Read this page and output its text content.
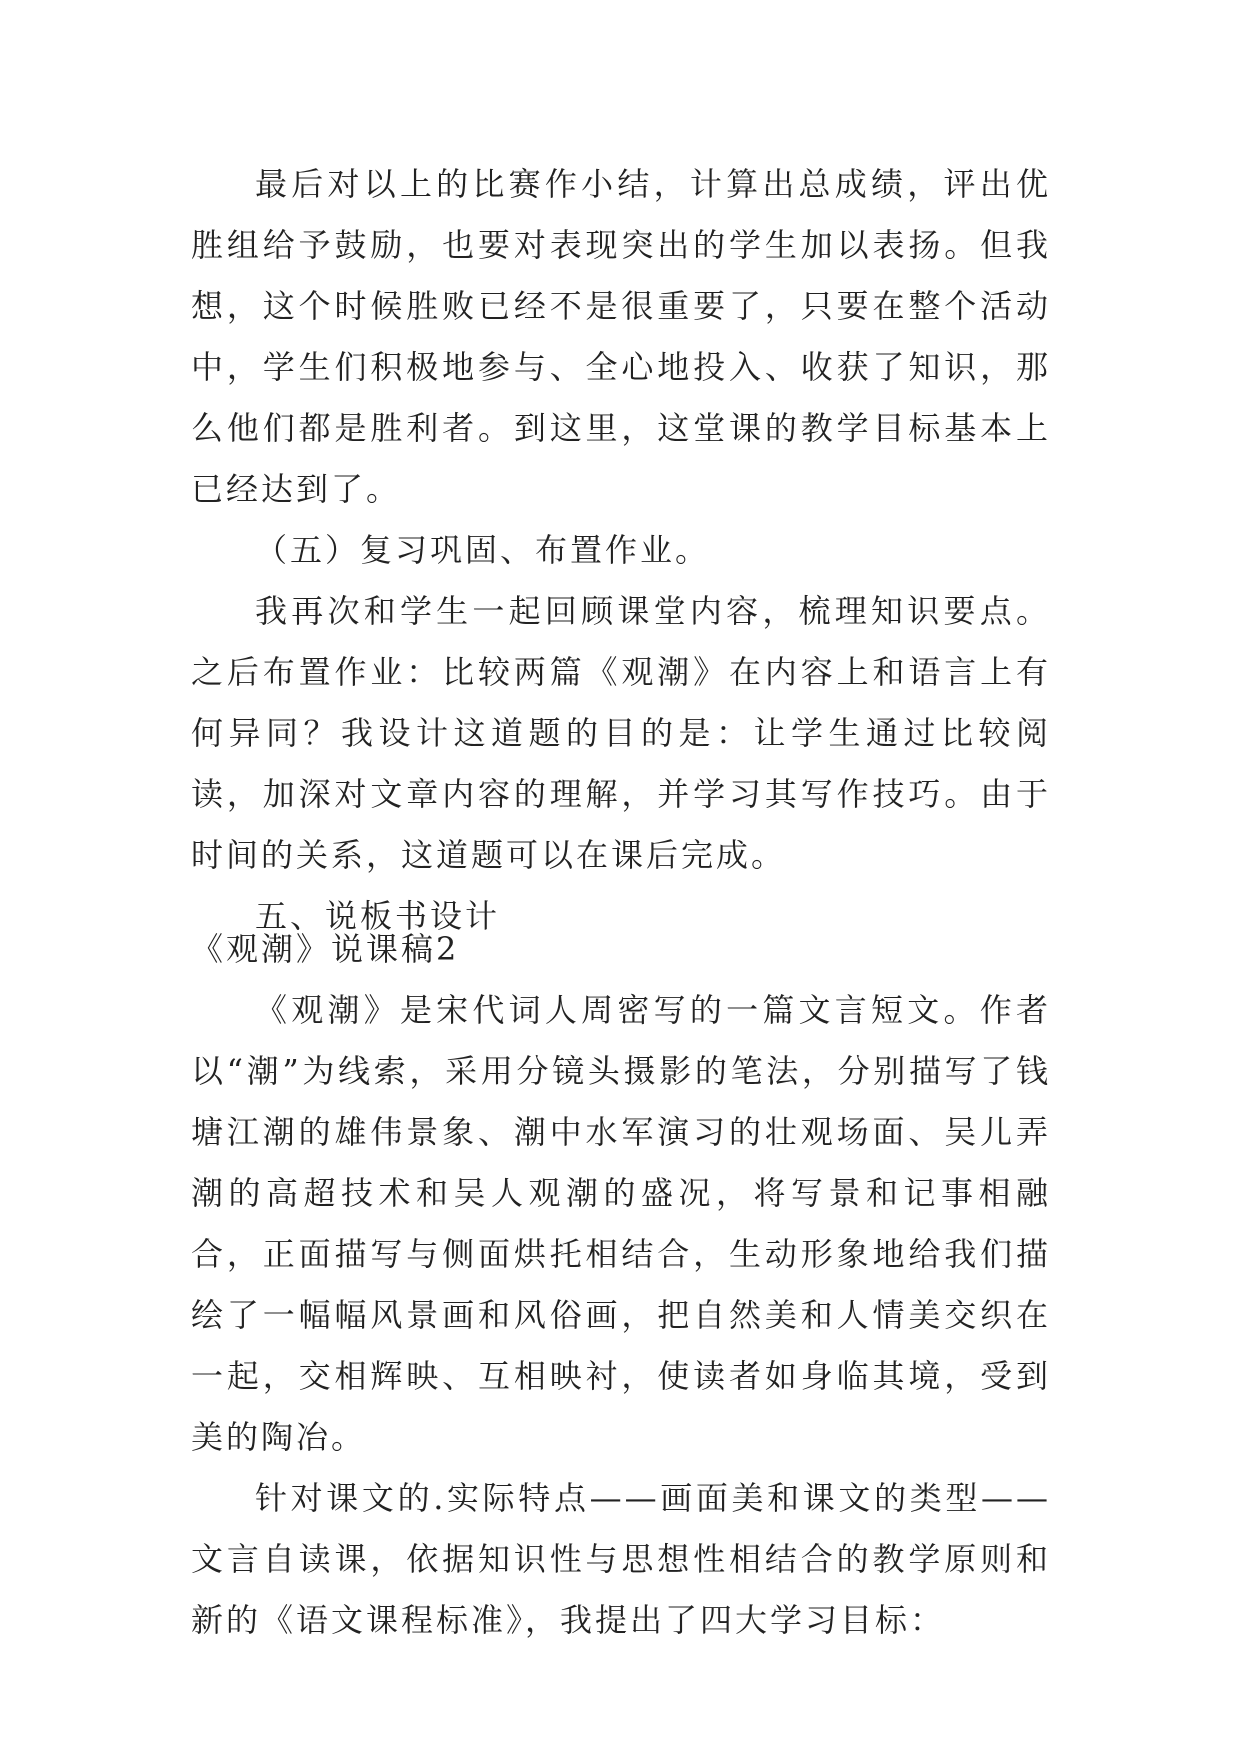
最后对以上的比赛作小结，计算出总成绩，评出优胜组给予鼓励，也要对表现突出的学生加以表扬。但我想，这个时候胜败已经不是很重要了，只要在整个活动中，学生们积极地参与、全心地投入、收获了知识，那么他们都是胜利者。到这里，这堂课的教学目标基本上已经达到了。

（五）复习巩固、布置作业。

我再次和学生一起回顾课堂内容，梳理知识要点。之后布置作业：比较两篇《观潮》在内容上和语言上有何异同？我设计这道题的目的是：让学生通过比较阅读，加深对文章内容的理解，并学习其写作技巧。由于时间的关系，这道题可以在课后完成。

五、说板书设计

《观潮》说课稿2

《观潮》是宋代词人周密写的一篇文言短文。作者以“潮”为线索，采用分镜头摄影的笔法，分别描写了钱塘江潮的雄伟景象、潮中水军演习的壮观场面、吴儿弄潮的高超技术和吴人观潮的盛况，将写景和记事相融合，正面描写与侧面烘托相结合，生动形象地给我们描绘了一幅幅风景画和风俗画，把自然美和人情美交织在一起，交相辉映、互相映衬，使读者如身临其境，受到美的陶冶。

针对课文的.实际特点——画面美和课文的类型——文言自读课，依据知识性与思想性相结合的教学原则和新的《语文课程标准》，我提出了四大学习目标：
